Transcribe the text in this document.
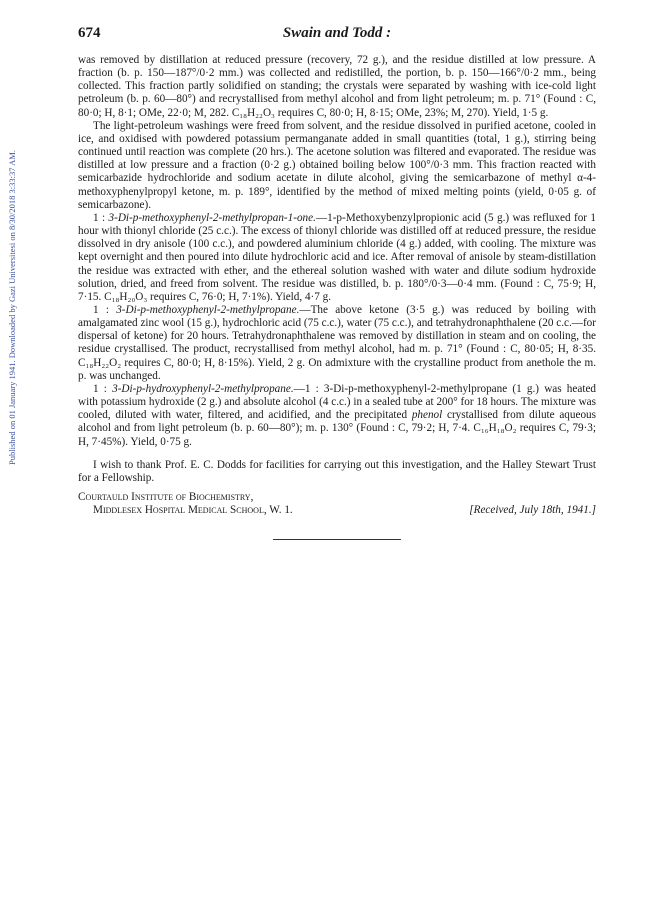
Published on 01 January 1941. Downloaded by Gazi Universitesi on 8/30/2018 3:33:37 AM.
674	Swain and Todd :

was removed by distillation at reduced pressure (recovery, 72 g.), and the residue distilled at low pressure. A fraction (b. p. 150—187°/0·2 mm.) was collected and redistilled, the portion, b. p. 150—166°/0·2 mm., being collected. This fraction partly solidified on standing; the crystals were separated by washing with ice-cold light petroleum (b. p. 60—80°) and recrystallised from methyl alcohol and from light petroleum; m. p. 71° (Found : C, 80·0; H, 8·1; OMe, 22·0; M, 282. C₁₈H₂₂O₃ requires C, 80·0; H, 8·15; OMe, 23%; M, 270). Yield, 1·5 g.

The light-petroleum washings were freed from solvent, and the residue dissolved in purified acetone, cooled in ice, and oxidised with powdered potassium permanganate added in small quantities (total, 1 g.), stirring being continued until reaction was complete (20 hrs.). The acetone solution was filtered and evaporated. The residue was distilled at low pressure and a fraction (0·2 g.) obtained boiling below 100°/0·3 mm. This fraction reacted with semicarbazide hydrochloride and sodium acetate in dilute alcohol, giving the semicarbazone of methyl α-4-methoxyphenylpropyl ketone, m. p. 189°, identified by the method of mixed melting points (yield, 0·05 g. of semicarbazone).

1 : 3-Di-p-methoxyphenyl-2-methylpropan-1-one.—1-p-Methoxybenzylpropionic acid (5 g.) was refluxed for 1 hour with thionyl chloride (25 c.c.). The excess of thionyl chloride was distilled off at reduced pressure, the residue dissolved in dry anisole (100 c.c.), and powdered aluminium chloride (4 g.) added, with cooling. The mixture was kept overnight and then poured into dilute hydrochloric acid and ice. After removal of anisole by steam-distillation the residue was extracted with ether, and the ethereal solution washed with water and dilute sodium hydroxide solution, dried, and freed from solvent. The residue was distilled, b. p. 180°/0·3—0·4 mm. (Found : C, 75·9; H, 7·15. C₁₈H₂₀O₃ requires C, 76·0; H, 7·1%). Yield, 4·7 g.

1 : 3-Di-p-methoxyphenyl-2-methylpropane.—The above ketone (3·5 g.) was reduced by boiling with amalgamated zinc wool (15 g.), hydrochloric acid (75 c.c.), water (75 c.c.), and tetrahydronaphthalene (20 c.c.—for dispersal of ketone) for 20 hours. Tetrahydronaphthalene was removed by distillation in steam and on cooling, the residue crystallised. The product, recrystallised from methyl alcohol, had m. p. 71° (Found : C, 80·05; H, 8·35. C₁₈H₂₂O₂ requires C, 80·0; H, 8·15%). Yield, 2 g. On admixture with the crystalline product from anethole the m. p. was unchanged.

1 : 3-Di-p-hydroxyphenyl-2-methylpropane.—1 : 3-Di-p-methoxyphenyl-2-methylpropane (1 g.) was heated with potassium hydroxide (2 g.) and absolute alcohol (4 c.c.) in a sealed tube at 200° for 18 hours. The mixture was cooled, diluted with water, filtered, and acidified, and the precipitated phenol crystallised from dilute aqueous alcohol and from light petroleum (b. p. 60—80°); m. p. 130° (Found : C, 79·2; H, 7·4. C₁₆H₁₈O₂ requires C, 79·3; H, 7·45%). Yield, 0·75 g.

I wish to thank Prof. E. C. Dodds for facilities for carrying out this investigation, and the Halley Stewart Trust for a Fellowship.

Courtauld Institute of Biochemistry,

Middlesex Hospital Medical School, W. 1.	[Received, July 18th, 1941.]
